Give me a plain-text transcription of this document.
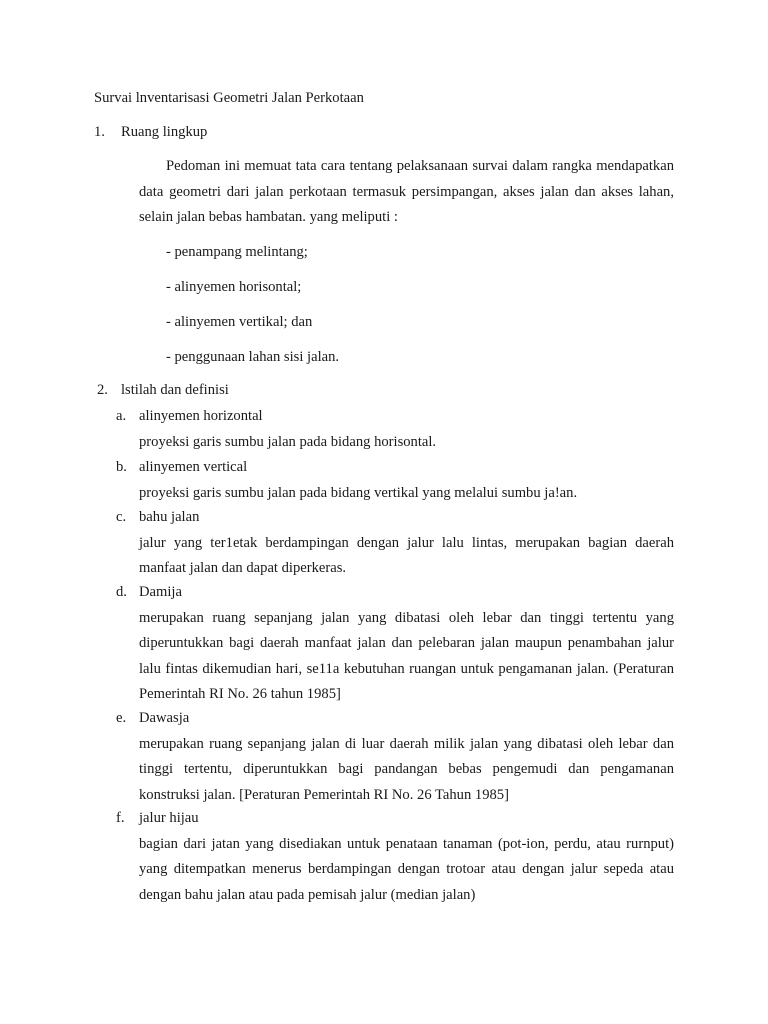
Survai lnventarisasi Geometri Jalan Perkotaan
1. Ruang lingkup

Pedoman ini memuat tata cara tentang pelaksanaan survai dalam rangka mendapatkan data geometri dari jalan perkotaan termasuk persimpangan, akses jalan dan akses lahan, selain jalan bebas hambatan. yang meliputi :

- penampang melintang;
- alinyemen horisontal;
- alinyemen vertikal; dan
- penggunaan lahan sisi jalan.
2. lstilah dan definisi
a. alinyemen horizontal

proyeksi garis sumbu jalan pada bidang horisontal.

b. alinyemen vertical

proyeksi garis sumbu jalan pada bidang vertikal yang melalui sumbu ja!an.

c. bahu jalan

jalur yang ter1etak berdampingan dengan jalur lalu lintas, merupakan bagian daerah manfaat jalan dan dapat diperkeras.

d. Damija

merupakan ruang sepanjang jalan yang dibatasi oleh lebar dan tinggi tertentu yang diperuntukkan bagi daerah manfaat jalan dan pelebaran jalan maupun penambahan jalur lalu fintas dikemudian hari, se11a kebutuhan ruangan untuk pengamanan jalan. (Peraturan Pemerintah RI No. 26 tahun 1985]

e. Dawasja

merupakan ruang sepanjang jalan di luar daerah milik jalan yang dibatasi oleh lebar dan tinggi tertentu, diperuntukkan bagi pandangan bebas pengemudi dan pengamanan konstruksi jalan. [Peraturan Pemerintah RI No. 26 Tahun 1985]

f. jalur hijau

bagian dari jatan yang disediakan untuk penataan tanaman (pot-ion, perdu, atau rurnput) yang ditempatkan menerus berdampingan dengan trotoar atau dengan jalur sepeda atau dengan bahu jalan atau pada pemisah jalur (median jalan)
